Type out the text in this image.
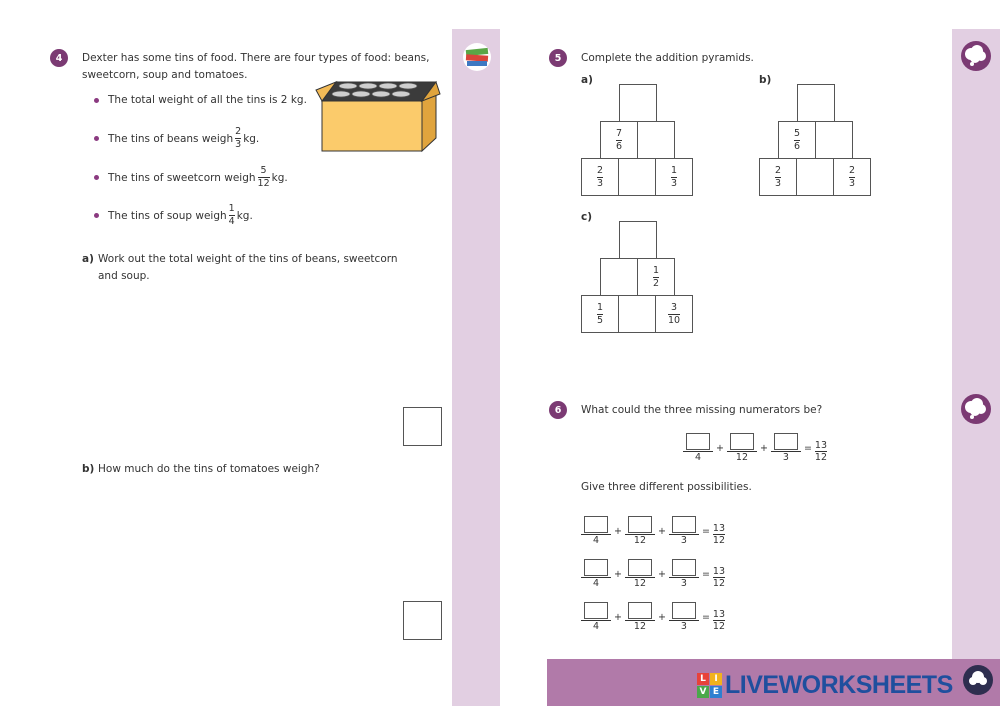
4	Dexter has some tins of food. There are four types of food: beans,
sweetcorn, soup and tomatoes.
The total weight of all the tins is 2 kg.
The tins of beans weigh $\frac{2}{3}$ kg.
The tins of sweetcorn weigh $\frac{5}{12}$ kg.
The tins of soup weigh $\frac{1}{4}$ kg.
a) Work out the total weight of the tins of beans, sweetcorn
and soup.
b) How much do the tins of tomatoes weigh?
5	Complete the addition pyramids.
a)	b)
c)
$\frac{7}{6}$
$\frac{2}{3}$	$\frac{1}{3}$
$\frac{5}{6}$
$\frac{2}{3}$	$\frac{2}{3}$
$\frac{1}{2}$
$\frac{1}{5}$	$\frac{3}{10}$
6	What could the three missing numerators be?
4
+
12
+
3
= 13
12
Give three different possibilities.
4
+
12
+
3
= 13
12
4
+
12
+
3
= 13
12
4
+
12
+
3
= 13
12
L I
V E LIVEWORKSHEETS
